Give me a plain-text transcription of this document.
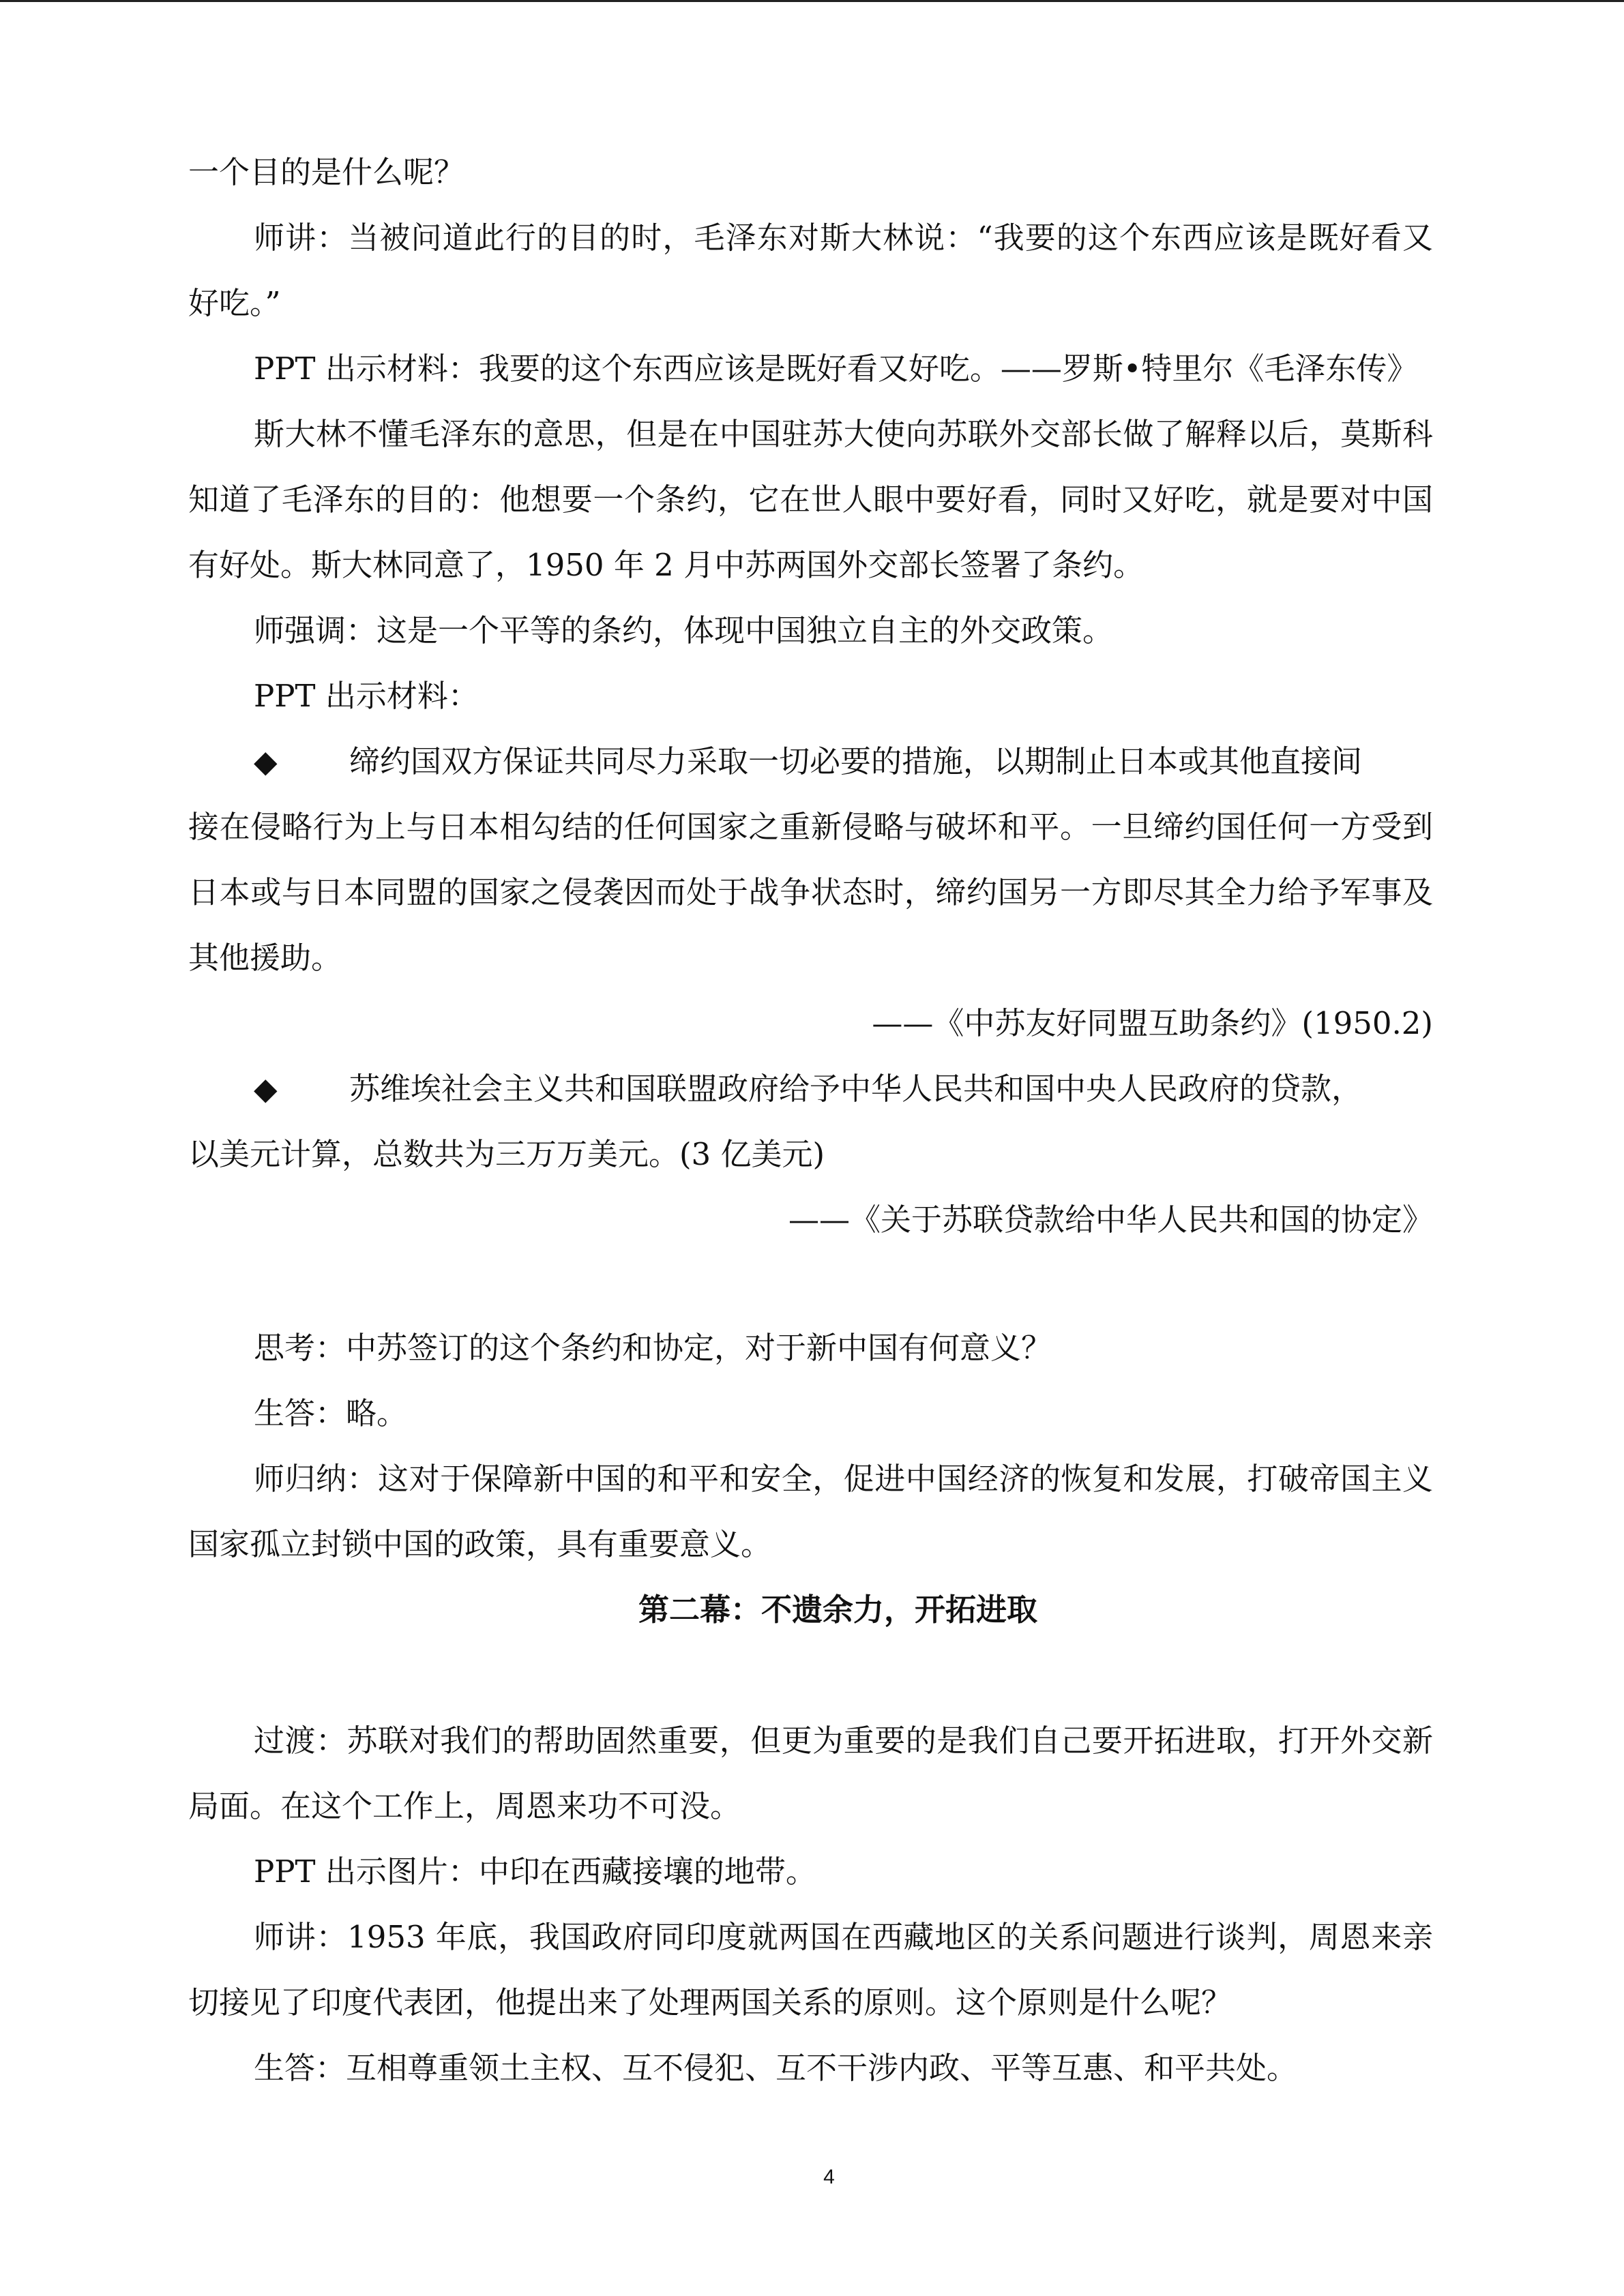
一个目的是什么呢？

师讲：当被问道此行的目的时，毛泽东对斯大林说：“我要的这个东西应该是既好看又好吃。”

PPT 出示材料：我要的这个东西应该是既好看又好吃。——罗斯•特里尔《毛泽东传》

斯大林不懂毛泽东的意思，但是在中国驻苏大使向苏联外交部长做了解释以后，莫斯科知道了毛泽东的目的：他想要一个条约，它在世人眼中要好看，同时又好吃，就是要对中国有好处。斯大林同意了，1950 年 2 月中苏两国外交部长签署了条约。

师强调：这是一个平等的条约，体现中国独立自主的外交政策。

PPT 出示材料：

◆	缔约国双方保证共同尽力采取一切必要的措施，以期制止日本或其他直接间

接在侵略行为上与日本相勾结的任何国家之重新侵略与破坏和平。一旦缔约国任何一方受到日本或与日本同盟的国家之侵袭因而处于战争状态时，缔约国另一方即尽其全力给予军事及其他援助。

——《中苏友好同盟互助条约》(1950.2)

◆	苏维埃社会主义共和国联盟政府给予中华人民共和国中央人民政府的贷款，

以美元计算，总数共为三万万美元。(3 亿美元)

——《关于苏联贷款给中华人民共和国的协定》

思考：中苏签订的这个条约和协定，对于新中国有何意义？

生答：略。

师归纳：这对于保障新中国的和平和安全，促进中国经济的恢复和发展，打破帝国主义国家孤立封锁中国的政策，具有重要意义。

第二幕：不遗余力，开拓进取

过渡：苏联对我们的帮助固然重要，但更为重要的是我们自己要开拓进取，打开外交新局面。在这个工作上，周恩来功不可没。

PPT 出示图片：中印在西藏接壤的地带。

师讲：1953 年底，我国政府同印度就两国在西藏地区的关系问题进行谈判，周恩来亲切接见了印度代表团，他提出来了处理两国关系的原则。这个原则是什么呢？

生答：互相尊重领土主权、互不侵犯、互不干涉内政、平等互惠、和平共处。

4
